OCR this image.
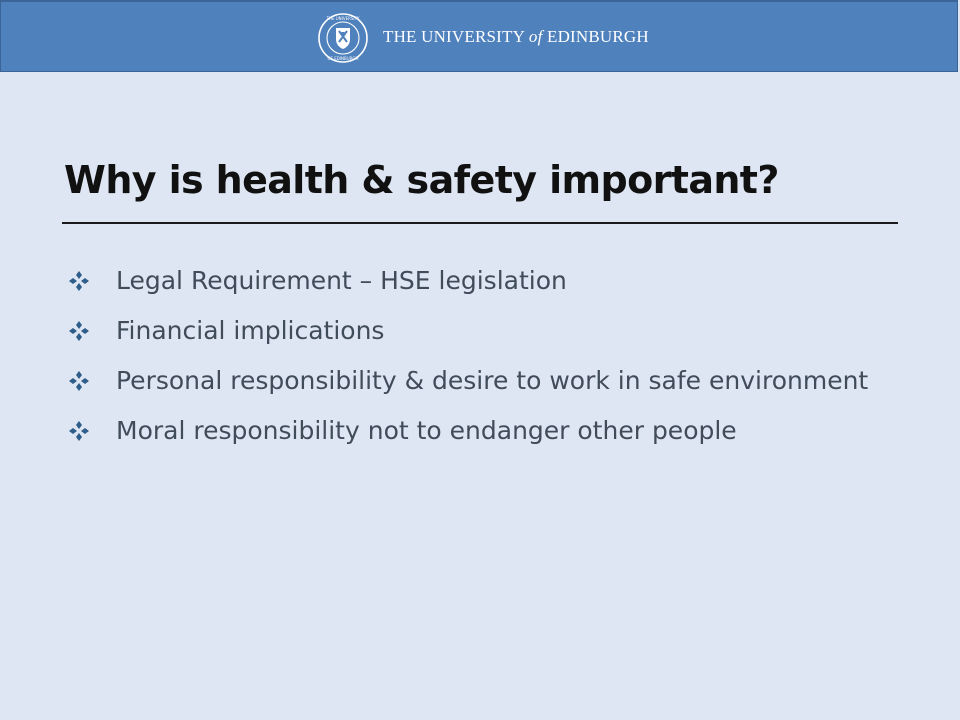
THE UNIVERSITY
OF EDINBURGH
THE UNIVERSITY of EDINBURGH
Why is health & safety important?
Legal Requirement – HSE legislation
Financial implications
Personal responsibility & desire to work in safe environment
Moral responsibility not to endanger other people
